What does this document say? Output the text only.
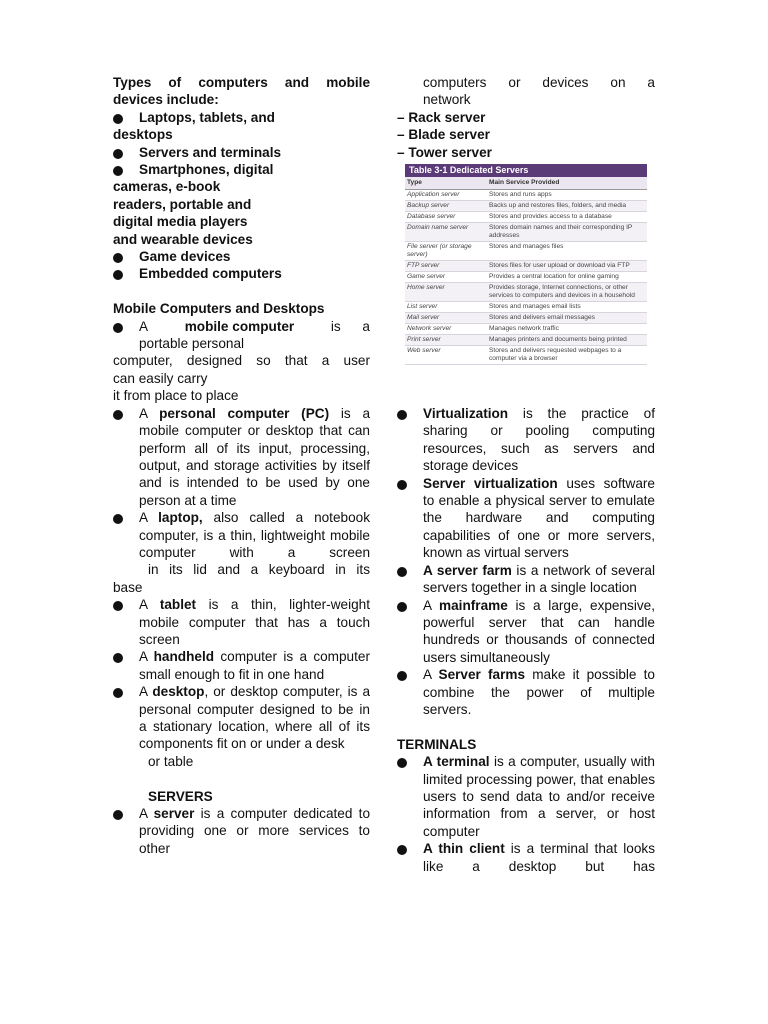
Types of computers and mobile

devices include:

Laptops, tablets, and

desktops

Servers and terminals
Smartphones, digital

cameras, e-book

readers, portable and

digital media players

and wearable devices

Game devices
Embedded computers

Mobile Computers and Desktops

A	mobile computer	is a

portable personal

computer, designed so that a user

can easily carry

it from place to place

A personal computer (PC) is a mobile computer or desktop that can perform all of its input, processing, output, and storage activities by itself and is intended to be used by one person at a time
A laptop, also called a notebook computer, is a thin, lightweight mobile computer with a screen

in its lid and a keyboard in its

base

A tablet is a thin, lighter-weight mobile computer that has a touch screen
A handheld computer is a computer small enough to fit in one hand
A desktop, or desktop computer, is a personal computer designed to be in a stationary location, where all of its components fit on or under a desk

or table

SERVERS

A server is a computer dedicated to providing one or more services to other

computers or devices on a

network

– Rack server

– Blade server

– Tower server

Table 3-1 Dedicated Servers
Type	Main Service Provided
Application server	Stores and runs apps
Backup server	Backs up and restores files, folders, and media
Database server	Stores and provides access to a database
Domain name server	Stores domain names and their corresponding IP addresses
File server (or storage server)	Stores and manages files
FTP server	Stores files for user upload or download via FTP
Game server	Provides a central location for online gaming
Home server	Provides storage, Internet connections, or other services to computers and devices in a household
List server	Stores and manages email lists
Mail server	Stores and delivers email messages
Network server	Manages network traffic
Print server	Manages printers and documents being printed
Web server	Stores and delivers requested webpages to a computer via a browser
Virtualization is the practice of sharing or pooling computing resources, such as servers and storage devices
Server virtualization uses software to enable a physical server to emulate the hardware and computing capabilities of one or more servers, known as virtual servers
A server farm is a network of several servers together in a single location
A mainframe is a large, expensive, powerful server that can handle hundreds or thousands of connected users simultaneously
A Server farms make it possible to combine the power of multiple servers.

TERMINALS

A terminal is a computer, usually with limited processing power, that enables users to send data to and/or receive information from a server, or host computer
A thin client is a terminal that looks like a desktop but has
